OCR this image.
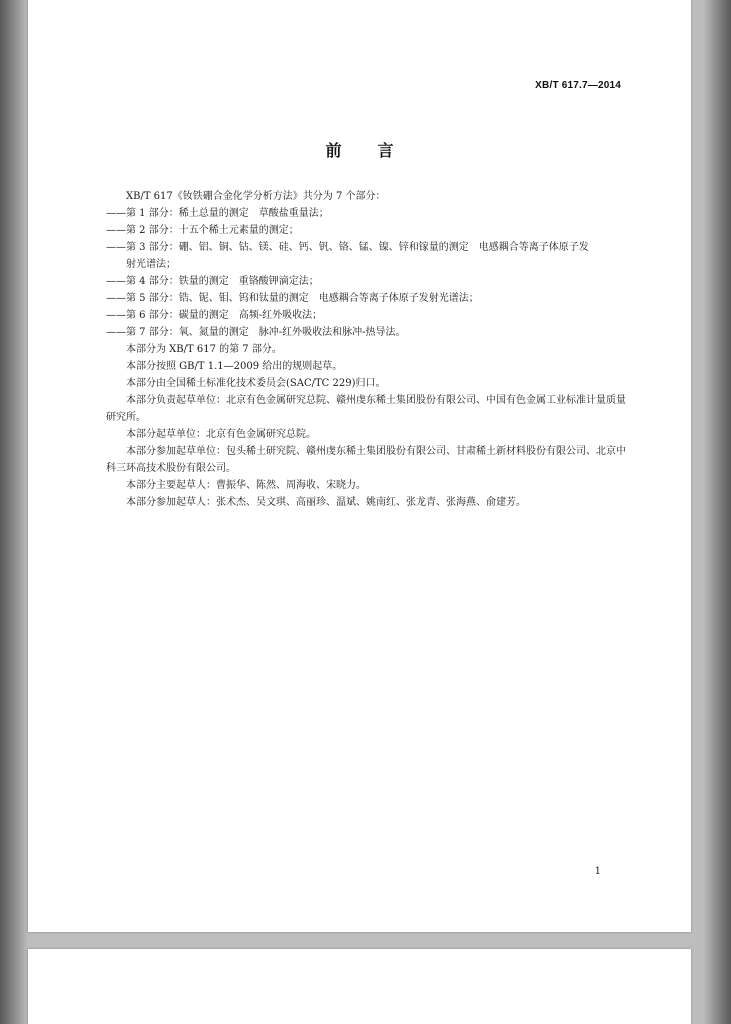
XB/T 617.7—2014
前言

XB/T 617《钕铁硼合金化学分析方法》共分为 7 个部分：

——第 1 部分：稀土总量的测定　草酸盐重量法；

——第 2 部分：十五个稀土元素量的测定；

——第 3 部分：硼、铝、铜、钴、镁、硅、钙、钒、铬、锰、镍、锌和镓量的测定　电感耦合等离子体原子发
射光谱法；

——第 4 部分：铁量的测定　重铬酸钾滴定法；

——第 5 部分：锆、铌、钼、钨和钛量的测定　电感耦合等离子体原子发射光谱法；

——第 6 部分：碳量的测定　高频-红外吸收法；

——第 7 部分：氧、氮量的测定　脉冲-红外吸收法和脉冲-热导法。

本部分为 XB/T 617 的第 7 部分。

本部分按照 GB/T 1.1—2009 给出的规则起草。

本部分由全国稀土标准化技术委员会(SAC/TC 229)归口。

本部分负责起草单位：北京有色金属研究总院、赣州虔东稀土集团股份有限公司、中国有色金属工业标准计量质量研究所。

本部分起草单位：北京有色金属研究总院。

本部分参加起草单位：包头稀土研究院、赣州虔东稀土集团股份有限公司、甘肃稀土新材料股份有限公司、北京中科三环高技术股份有限公司。

本部分主要起草人：曹振华、陈然、周海收、宋晓力。

本部分参加起草人：张术杰、吴文琪、高丽珍、温斌、姚南红、张龙青、张海燕、俞建芳。

1
